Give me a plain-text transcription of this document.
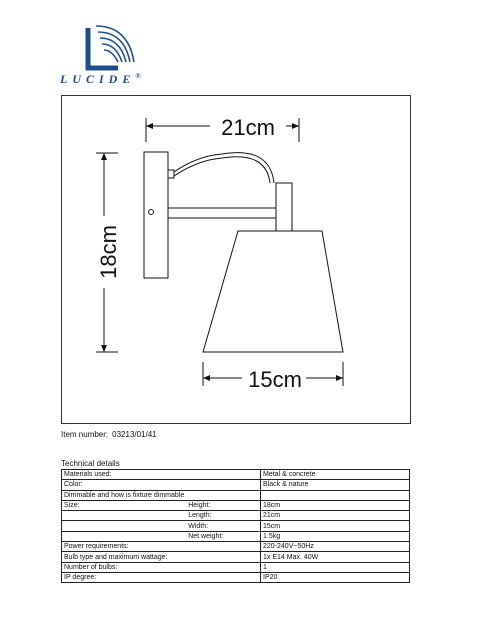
LUCIDE®
21cm
18cm
15cm
Item number: 03213/01/41
Technical details
Materials used:		Metal & concrete
Color:		Black & nature
Dimmable and how is fixture dimmable		
Size:	Height:	18cm
	Length:	21cm
	Width:	15cm
	Net weight:	1.5kg
Power requirements:		220-240V~50Hz
Bulb type and maximum wattage:		1x E14 Max. 40W
Number of bulbs:		1
IP degree:		IP20
